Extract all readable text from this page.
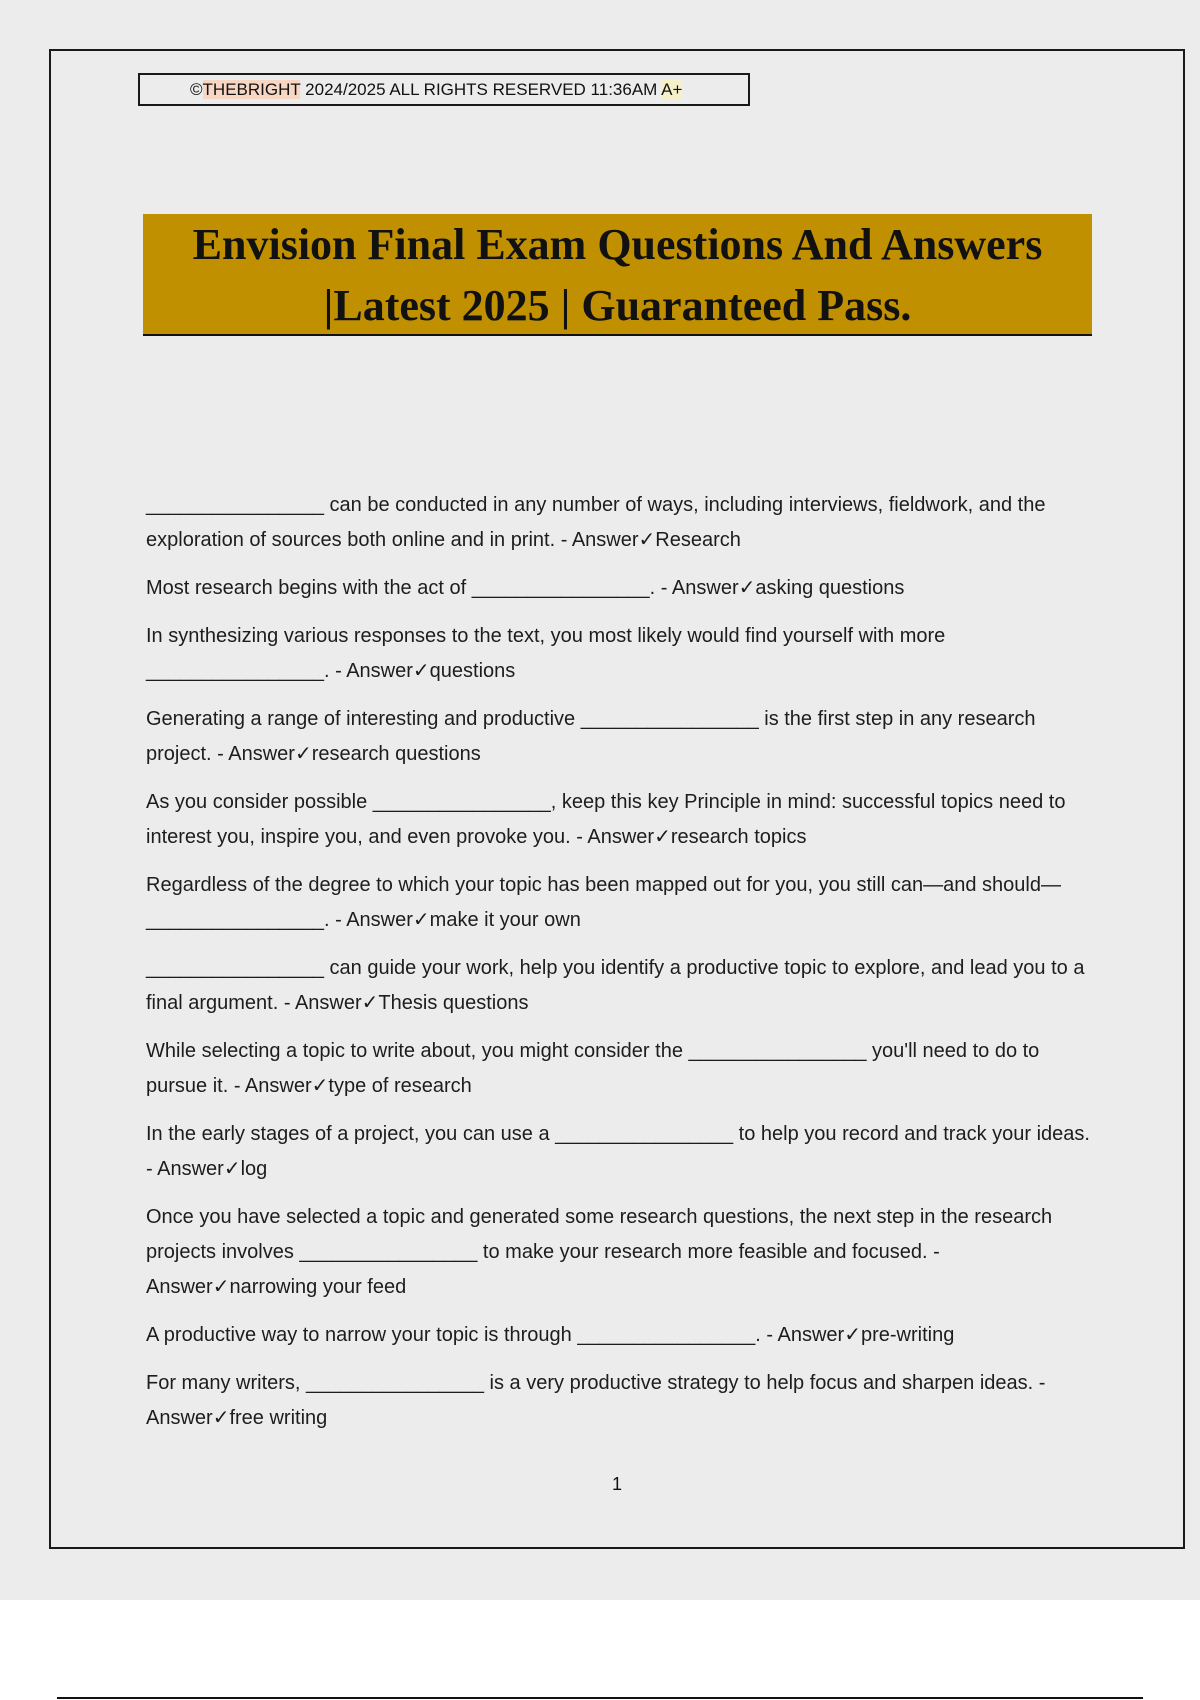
©THEBRIGHT 2024/2025 ALL RIGHTS RESERVED 11:36AM A+
Envision Final Exam Questions And Answers
|Latest 2025 | Guaranteed Pass.

________________ can be conducted in any number of ways, including interviews, fieldwork, and the exploration of sources both online and in print. - Answer✓Research

Most research begins with the act of ________________. - Answer✓asking questions

In synthesizing various responses to the text, you most likely would find yourself with more ________________. - Answer✓questions

Generating a range of interesting and productive ________________ is the first step in any research project. - Answer✓research questions

As you consider possible ________________, keep this key Principle in mind: successful topics need to interest you, inspire you, and even provoke you. - Answer✓research topics

Regardless of the degree to which your topic has been mapped out for you, you still can—and should—________________. - Answer✓make it your own

________________ can guide your work, help you identify a productive topic to explore, and lead you to a final argument. - Answer✓Thesis questions

While selecting a topic to write about, you might consider the ________________ you'll need to do to pursue it. - Answer✓type of research

In the early stages of a project, you can use a ________________ to help you record and track your ideas. - Answer✓log

Once you have selected a topic and generated some research questions, the next step in the research projects involves ________________ to make your research more feasible and focused. - Answer✓narrowing your feed

A productive way to narrow your topic is through ________________. - Answer✓pre-writing

For many writers, ________________ is a very productive strategy to help focus and sharpen ideas. - Answer✓free writing

1
